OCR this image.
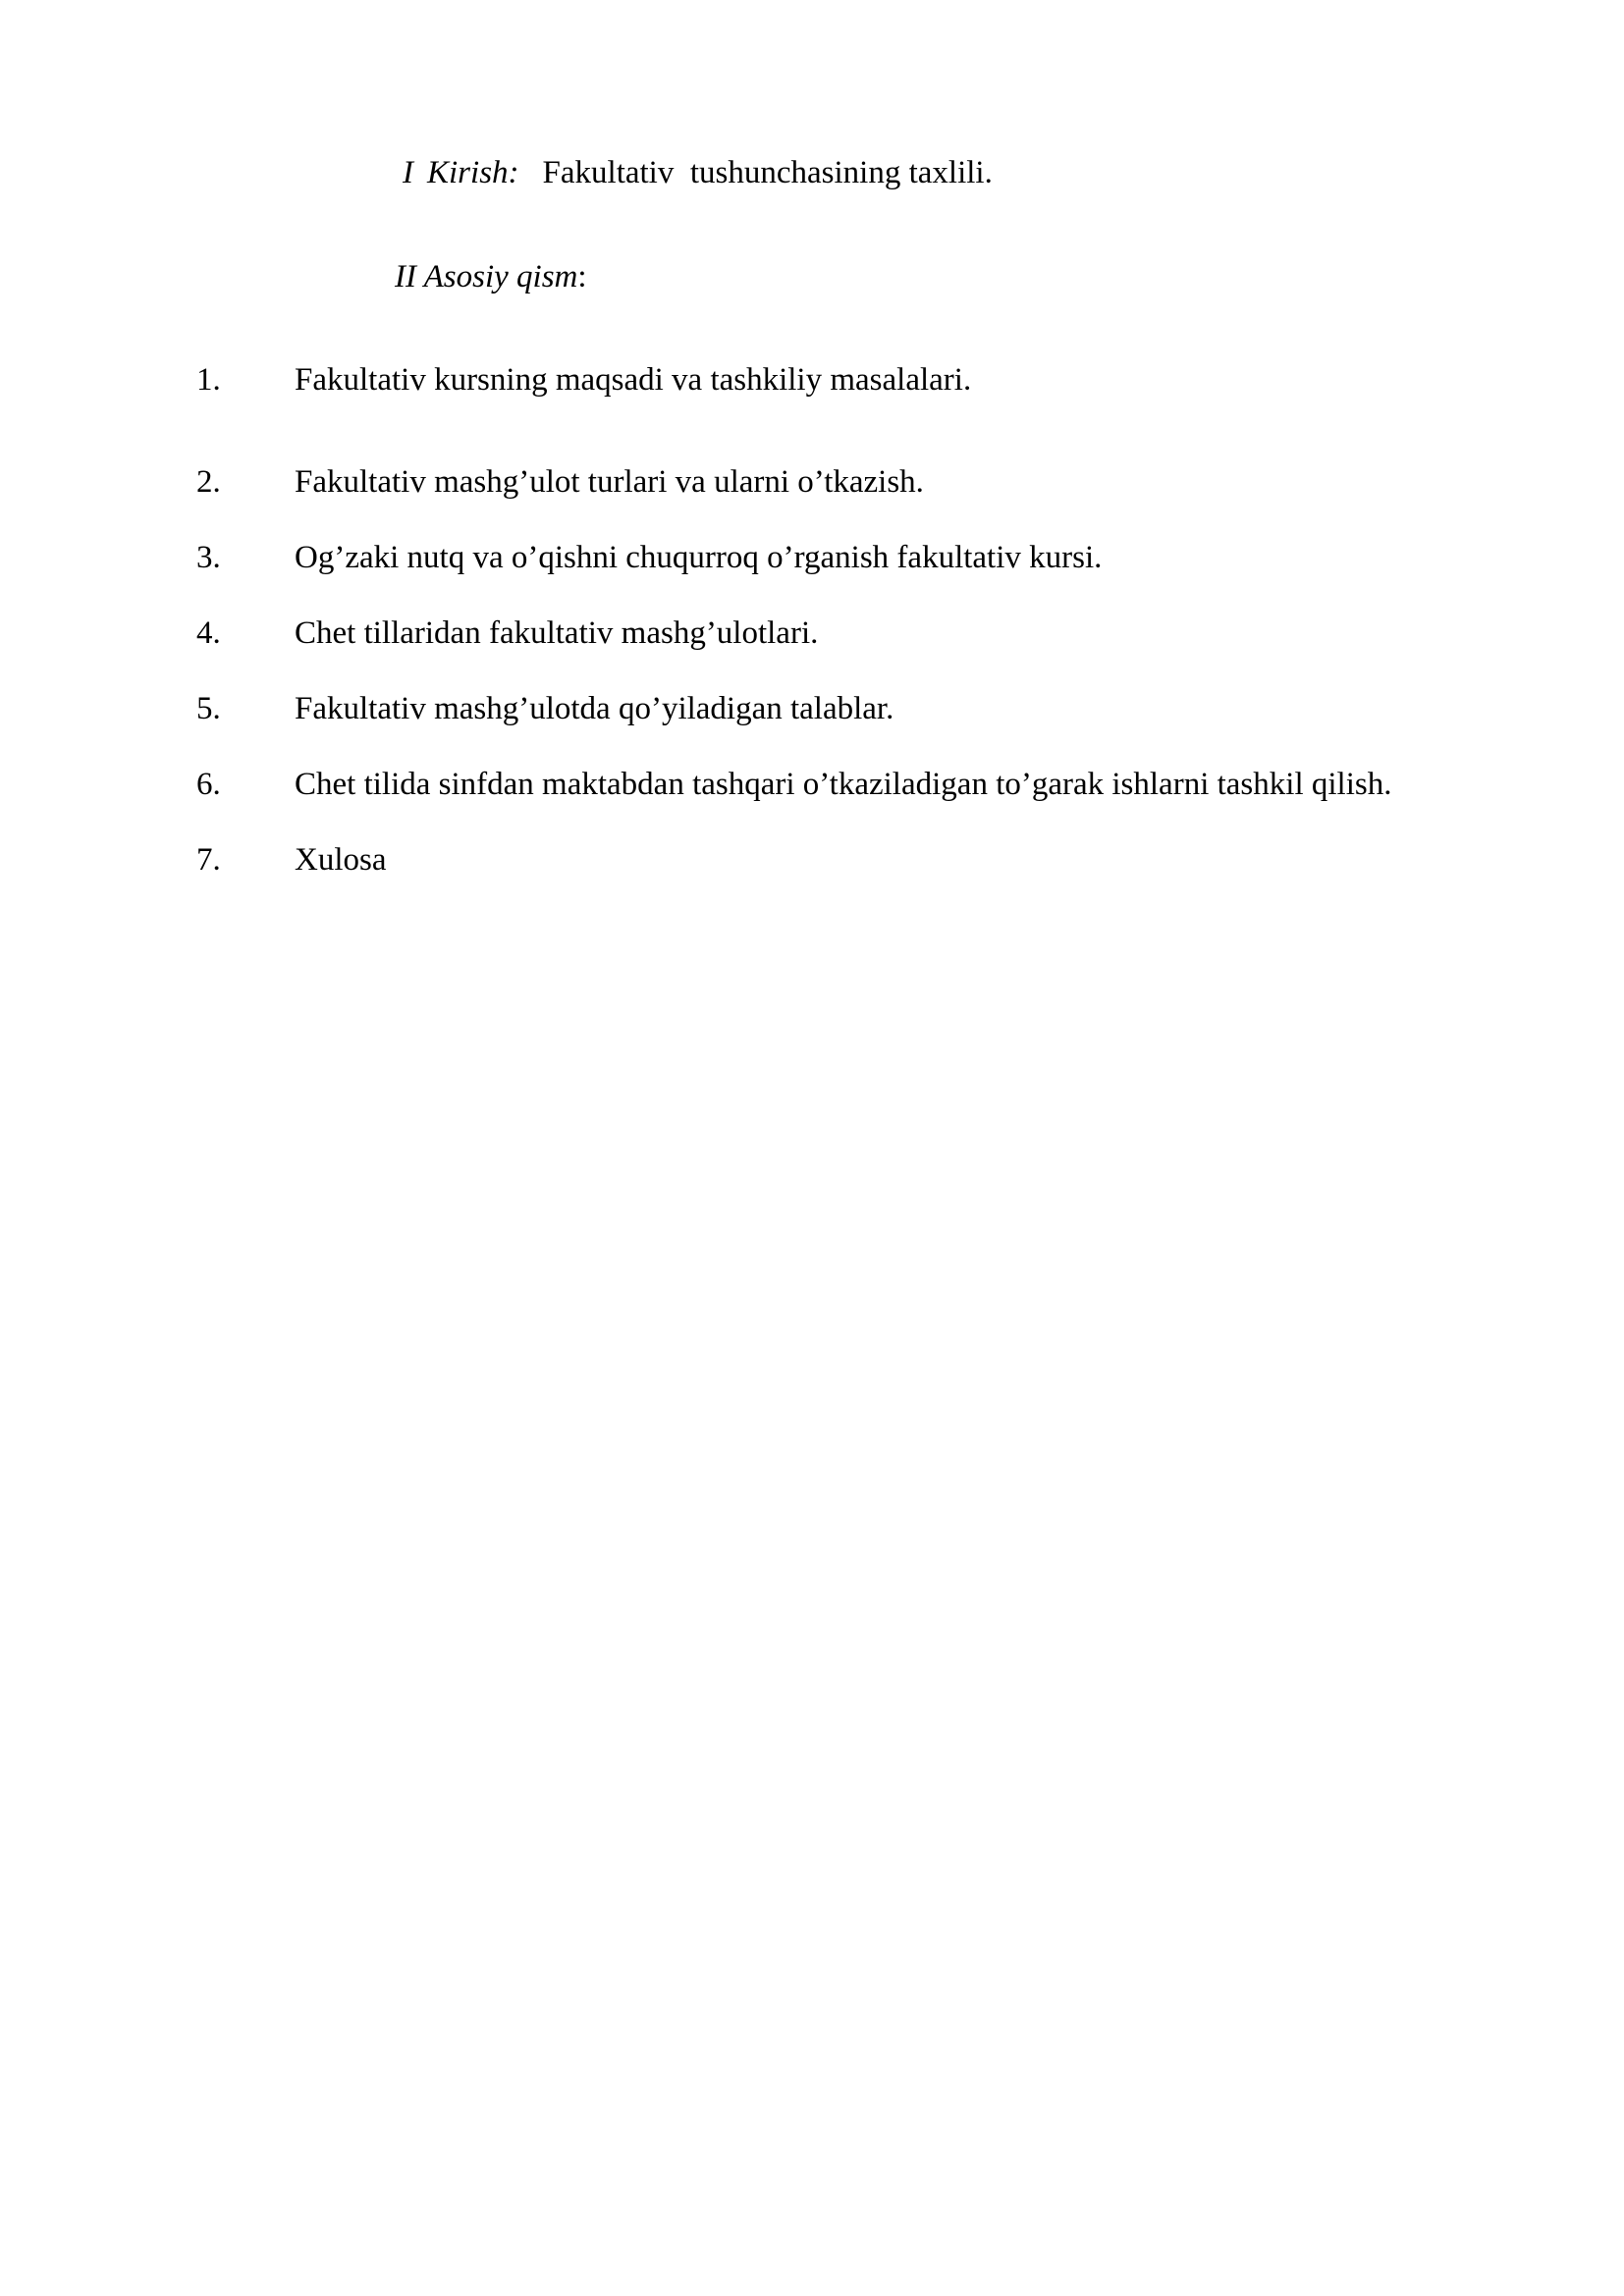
I Kirish: Fakultativ  tushunchasining taxlili.
II Asosiy qism:
1. Fakultativ kursning maqsadi va tashkiliy masalalari.
2. Fakultativ mashg’ulot turlari va ularni o’tkazish.
3. Og’zaki nutq va o’qishni chuqurroq o’rganish fakultativ kursi.
4. Chet tillaridan fakultativ mashg’ulotlari.
5. Fakultativ mashg’ulotda qo’yiladigan talablar.
6. Chet tilida sinfdan maktabdan tashqari o’tkaziladigan to’garak ishlarni tashkil qilish.
7. Xulosa
